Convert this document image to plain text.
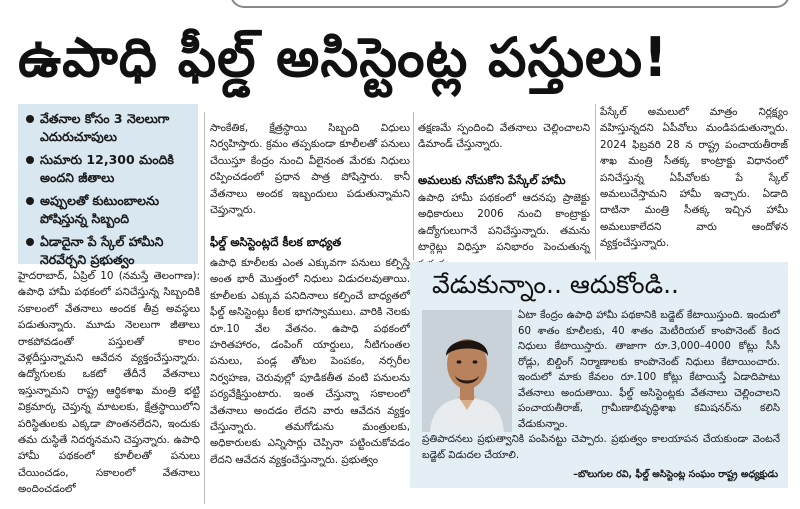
ఉపాధి ఫీల్డ్ అసిస్టెంట్ల పస్తులు!
వేతనాల కోసం 3 నెలలుగా ఎదురుచూపులు
సుమారు 12,300 మందికి అందని జీతాలు
అప్పులతో కుటుంబాలను పోషిస్తున్న సిబ్బంది
ఏడాదైనా పే స్కేల్ హామీని నెరవేర్చని ప్రభుత్వం
హైదరాబాద్, ఏప్రిల్ 10 (నమస్తే తెలంగాణ): ఉపాధి హామీ పథకంలో పనిచేస్తున్న సిబ్బందికి సకాలంలో వేతనాలు అందక తీవ్ర అవస్థలు పడుతున్నారు. మూడు నెలలుగా జీతాలు రాకపోవడంతో పస్తులతో కాలం వెళ్లదీస్తున్నామని ఆవేదన వ్యక్తంచేస్తున్నారు. ఉద్యోగులకు ఒకటో తేదీనే వేతనాలు ఇస్తున్నామని రాష్ట్ర ఆర్థికశాఖ మంత్రి భట్టి విక్రమార్క చెప్తున్న మాటలకు, క్షేత్రస్థాయిలోని పరిస్థితులకు ఎక్కడా పొంతనలేదని, ఇందుకు తమ దుస్థితే నిదర్శనమని చెప్తున్నారు. ఉపాధి హామీ పథకంలో కూలీలతో పనులు చేయించడం, సకాలంలో వేతనాలు అందించడంలో
సాంకేతిక, క్షేత్రస్థాయి సిబ్బంది విధులు నిర్వహిస్తారు. క్రమం తప్పకుండా కూలీలతో పనులు చేయిస్తూ కేంద్రం నుంచి వీలైనంత మేరకు నిధులు రప్పించడంలో ప్రధాన పాత్ర పోషిస్తారు. కానీ వేతనాలు అందక ఇబ్బందులు పడుతున్నామని చెప్తున్నారు.
ఫీల్డ్ అసిస్టెంట్లదే కీలక బాధ్యత
ఉపాధి కూలీలకు ఎంత ఎక్కువగా పనులు కల్పిస్తే అంత భారీ మొత్తంలో నిధులు విడుదలవుతాయి. కూలీలకు ఎక్కువ పనిదినాలు కల్పించే బాధ్యతలో ఫీల్డ్ అసిస్టెంట్లు కీలక భాగస్వాములు. వారికి నెలకు రూ.10 వేల వేతనం. ఉపాధి పథకంలో హరితహారం, డంపింగ్ యార్డులు, నీటిగుంతల పనులు, పండ్ల తోటల పెంపకం, నర్సరీల నిర్వహణ, చెరువుల్లో పూడికతీత వంటి పనులను పర్యవేక్షిస్తుంటారు. ఇంత చేస్తున్నా సకాలంలో వేతనాలు అందడం లేదని వారు ఆవేదన వ్యక్తం చేస్తున్నారు. తమగోడును మంత్రులకు, అధికారులకు ఎన్నిసార్లు చెప్పినా పట్టించుకోవడం లేదని ఆవేదన వ్యక్తంచేస్తున్నారు. ప్రభుత్వం
తక్షణమే స్పందించి వేతనాలు చెల్లించాలని డిమాండ్ చేస్తున్నారు.
అమలుకు నోచుకోని పేస్కేల్ హామీ
ఉపాధి హామీ పథకంలో ఆదనపు ప్రాజెక్టు అధికారులు 2006 నుంచి కాంట్రాక్టు ఉద్యోగులుగానే పనిచేస్తున్నారు. తమను టార్గెట్లు విధిస్తూ పనిభారం పెంచుతున్న
పేస్కేల్ అమలులో మాత్రం నిర్లక్ష్యం వహిస్తున్నదని ఏపీవోలు మండిపడుతున్నారు. 2024 ఫిబ్రవరి 28 న రాష్ట్ర పంచాయతీరాజ్ శాఖ మంత్రి సీతక్క కాంట్రాక్టు విధానంలో పనిచేస్తున్న ఏపీవోలకు పే స్కేల్ అమలుచేస్తామని హామీ ఇచ్చారు. ఏడాది దాటినా మంత్రి సీతక్క ఇచ్చిన హామీ అమలుకాలేదని వారు ఆందోళన వ్యక్తంచేస్తున్నారు.
వేడుకున్నాం.. ఆదుకోండి..
ఏటా కేంద్రం ఉపాధి హామీ పథకానికి బడ్జెట్ కేటాయిస్తుంది. ఇందులో 60 శాతం కూలీలకు, 40 శాతం మెటీరియల్ కాంపొనెంట్ కింద నిధులు కేటాయిస్తారు. తాజాగా రూ.3,000–4000 కోట్లు సీసీ రోడ్లు, బిల్డింగ్ నిర్మాణాలకు కాంపొనెంట్ నిధులు కేటాయించారు. ఇందులో మాకు కేవలం రూ.100 కోట్లు కేటాయిస్తే ఏడాదిపాటు వేతనాలు అందుతాయి. ఫీల్డ్ అసిస్టెంట్లకు వేతనాలు చెల్లించాలని పంచాయతీరాజ్, గ్రామీణాభివృద్ధిశాఖ కమిషనర్‌ను కలిసి వేడుకున్నాం.
ప్రతిపాదనలు ప్రభుత్వానికి పంపినట్టు చెప్పారు. ప్రభుత్వం కాలయాపన చేయకుండా వెంటనే బడ్జెట్ విడుదల చేయాలి.
–బొలుగుల రవి, ఫీల్డ్ అసిస్టెంట్ల సంఘం రాష్ట్ర అధ్యక్షుడు
